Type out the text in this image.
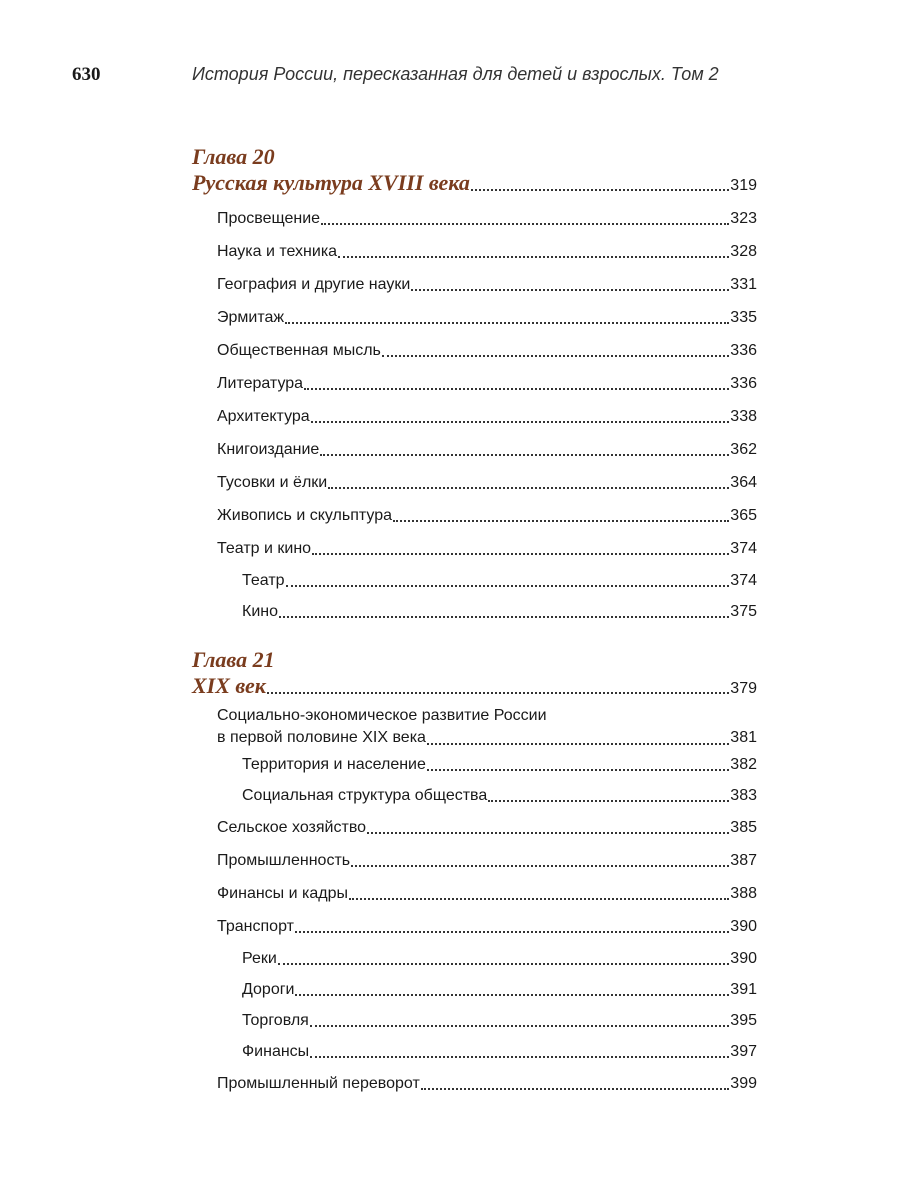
630	История России, пересказанная для детей и взрослых. Том 2
Глава 20
Русская культура XVIII века	319
Просвещение	323
Наука и техника	328
География и другие науки	331
Эрмитаж	335
Общественная мысль	336
Литература	336
Архитектура	338
Книгоиздание	362
Тусовки и ёлки	364
Живопись и скульптура	365
Театр и кино	374
Театр	374
Кино	375
Глава 21
XIX век	379
Социально-экономическое развитие России
в первой половине XIX века	381
Территория и население	382
Социальная структура общества	383
Сельское хозяйство	385
Промышленность	387
Финансы и кадры	388
Транспорт	390
Реки	390
Дороги	391
Торговля	395
Финансы	397
Промышленный переворот	399
